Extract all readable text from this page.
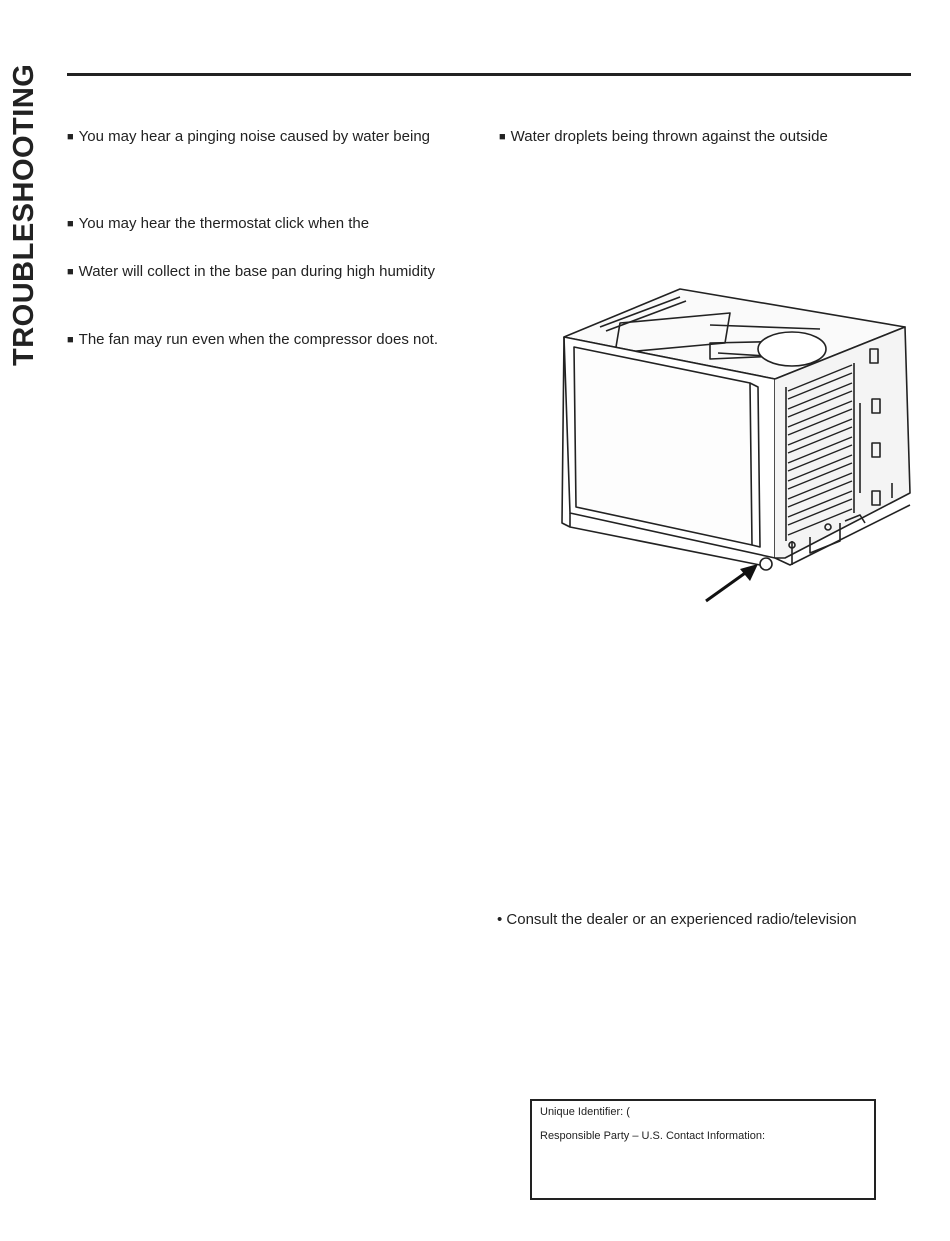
TROUBLESHOOTING ■ You may hear a pinging noise caused by water being
■ You may hear the thermostat click when the
■ Water will collect in the base pan during high humidity
■ The fan may run even when the compressor does not.
■ Water droplets being thrown against the outside
• Consult the dealer or an experienced radio/television
Unique Identifier: (
Responsible Party – U.S. Contact Information:
